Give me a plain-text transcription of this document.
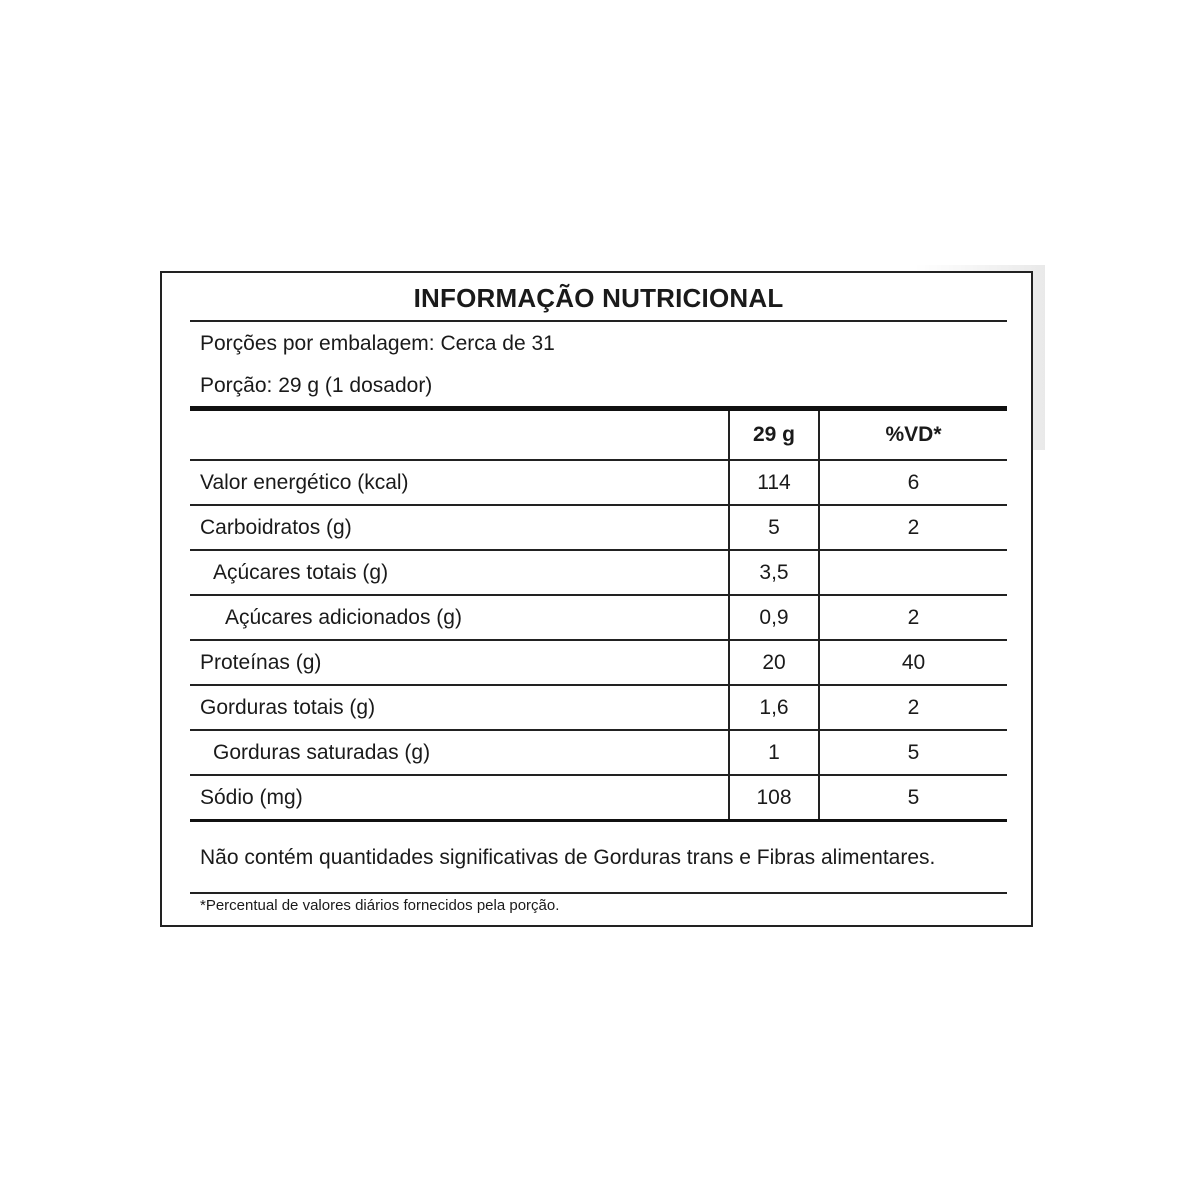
INFORMAÇÃO NUTRICIONAL
Porções por embalagem: Cerca de 31
Porção: 29 g (1 dosador)
	29 g	%VD*
Valor energético (kcal)	114	6
Carboidratos (g)	5	2
Açúcares totais (g)	3,5	
Açúcares adicionados (g)	0,9	2
Proteínas (g)	20	40
Gorduras totais (g)	1,6	2
Gorduras saturadas (g)	1	5
Sódio (mg)	108	5
Não contém quantidades significativas de Gorduras trans e Fibras alimentares.
*Percentual de valores diários fornecidos pela porção.
